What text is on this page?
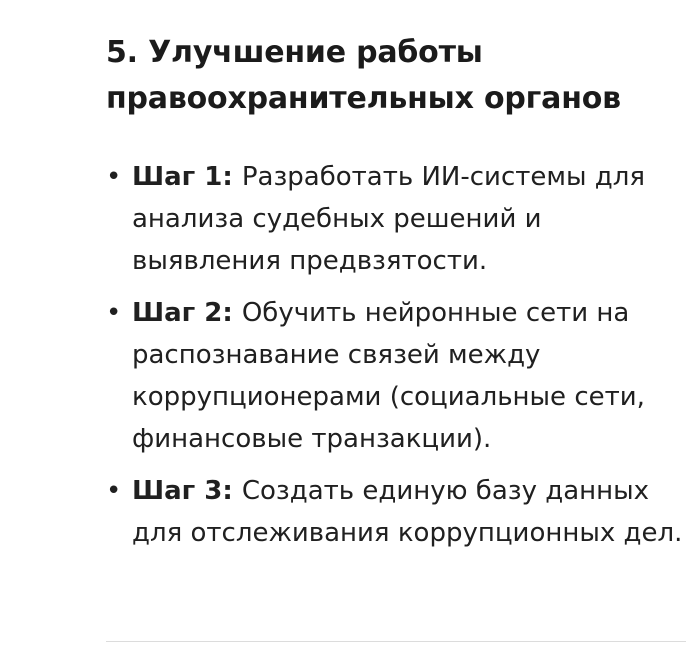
5. Улучшение работы правоохранительных органов
• Шаг 1: Разработать ИИ-системы для анализа судебных решений и выявления предвзятости.
• Шаг 2: Обучить нейронные сети на распознавание связей между коррупционерами (социальные сети, финансовые транзакции).
• Шаг 3: Создать единую базу данных для отслеживания коррупционных дел.
